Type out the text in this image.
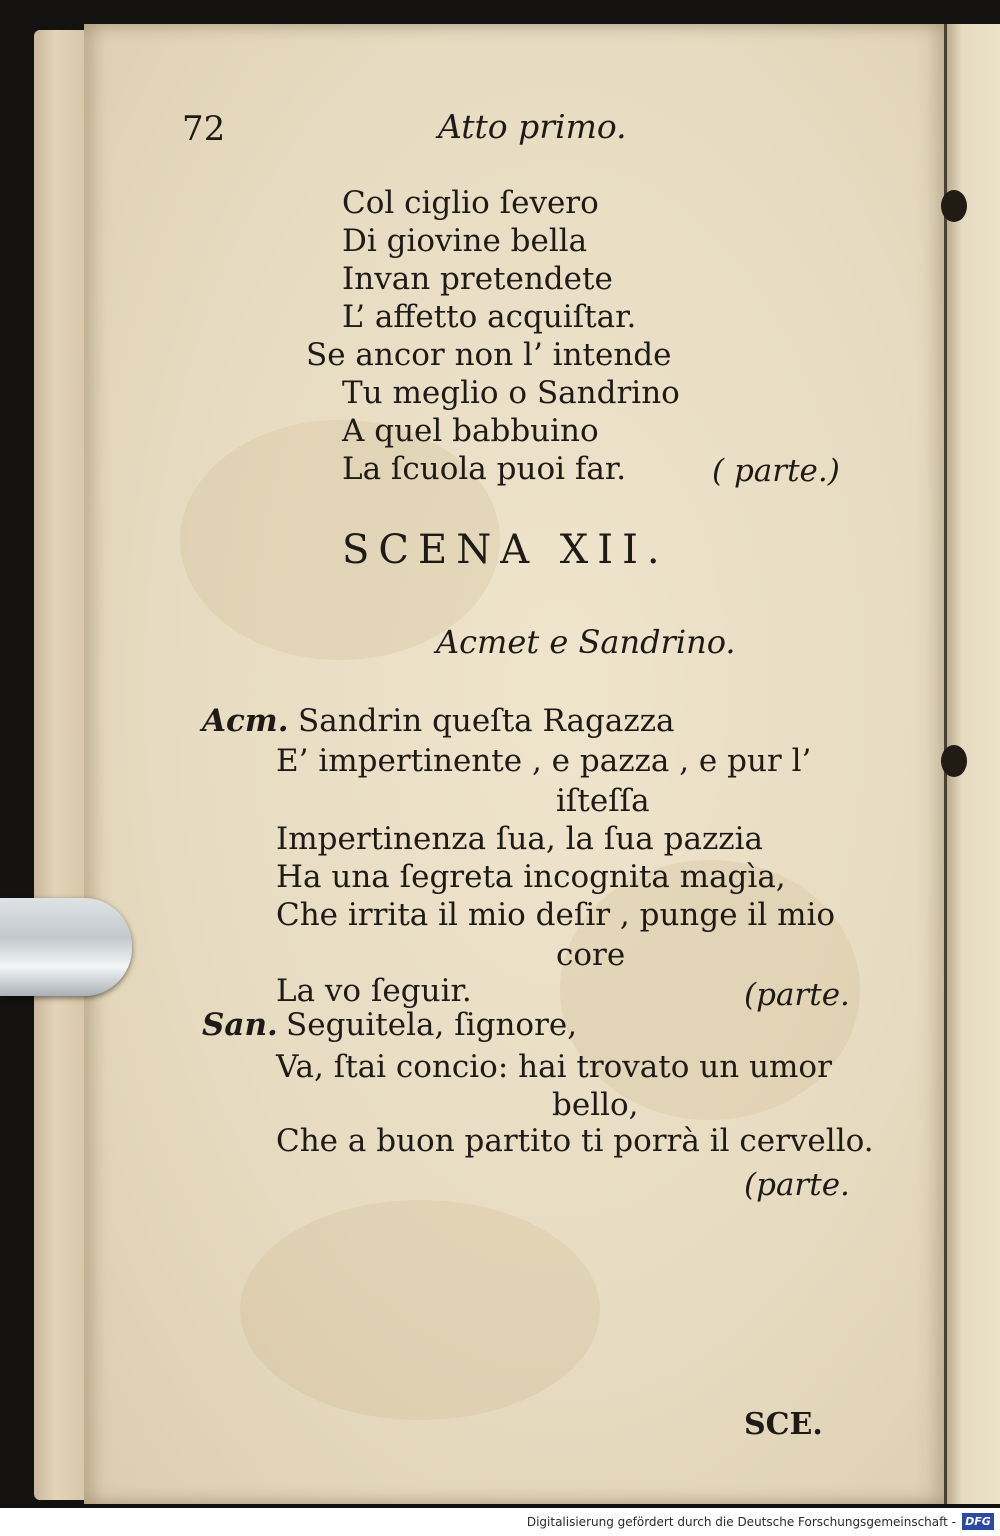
72	Atto primo.
Col ciglio ſevero
Di giovine bella
Invan pretendete
L’ affetto acquiſtar.
Se ancor non l’ intende
Tu meglio o Sandrino
A quel babbuino
La ſcuola puoi far.	( parte.)
SCENA XII.
Acmet e Sandrino.
Acm. Sandrin queſta Ragazza
E’ impertinente , e pazza , e pur l’
iſteſſa
Impertinenza ſua, la ſua pazzia
Ha una ſegreta incognita magìa,
Che irrita il mio deſir , punge il mio
core
La vo ſeguir.	(parte.
San. Seguitela, ſignore,
Va, ſtai concio: hai trovato un umor
bello,
Che a buon partito ti porrà il cervello.
(parte.
SCE.
Digitalisierung gefördert durch die Deutsche Forschungsgemeinschaft - DFG
